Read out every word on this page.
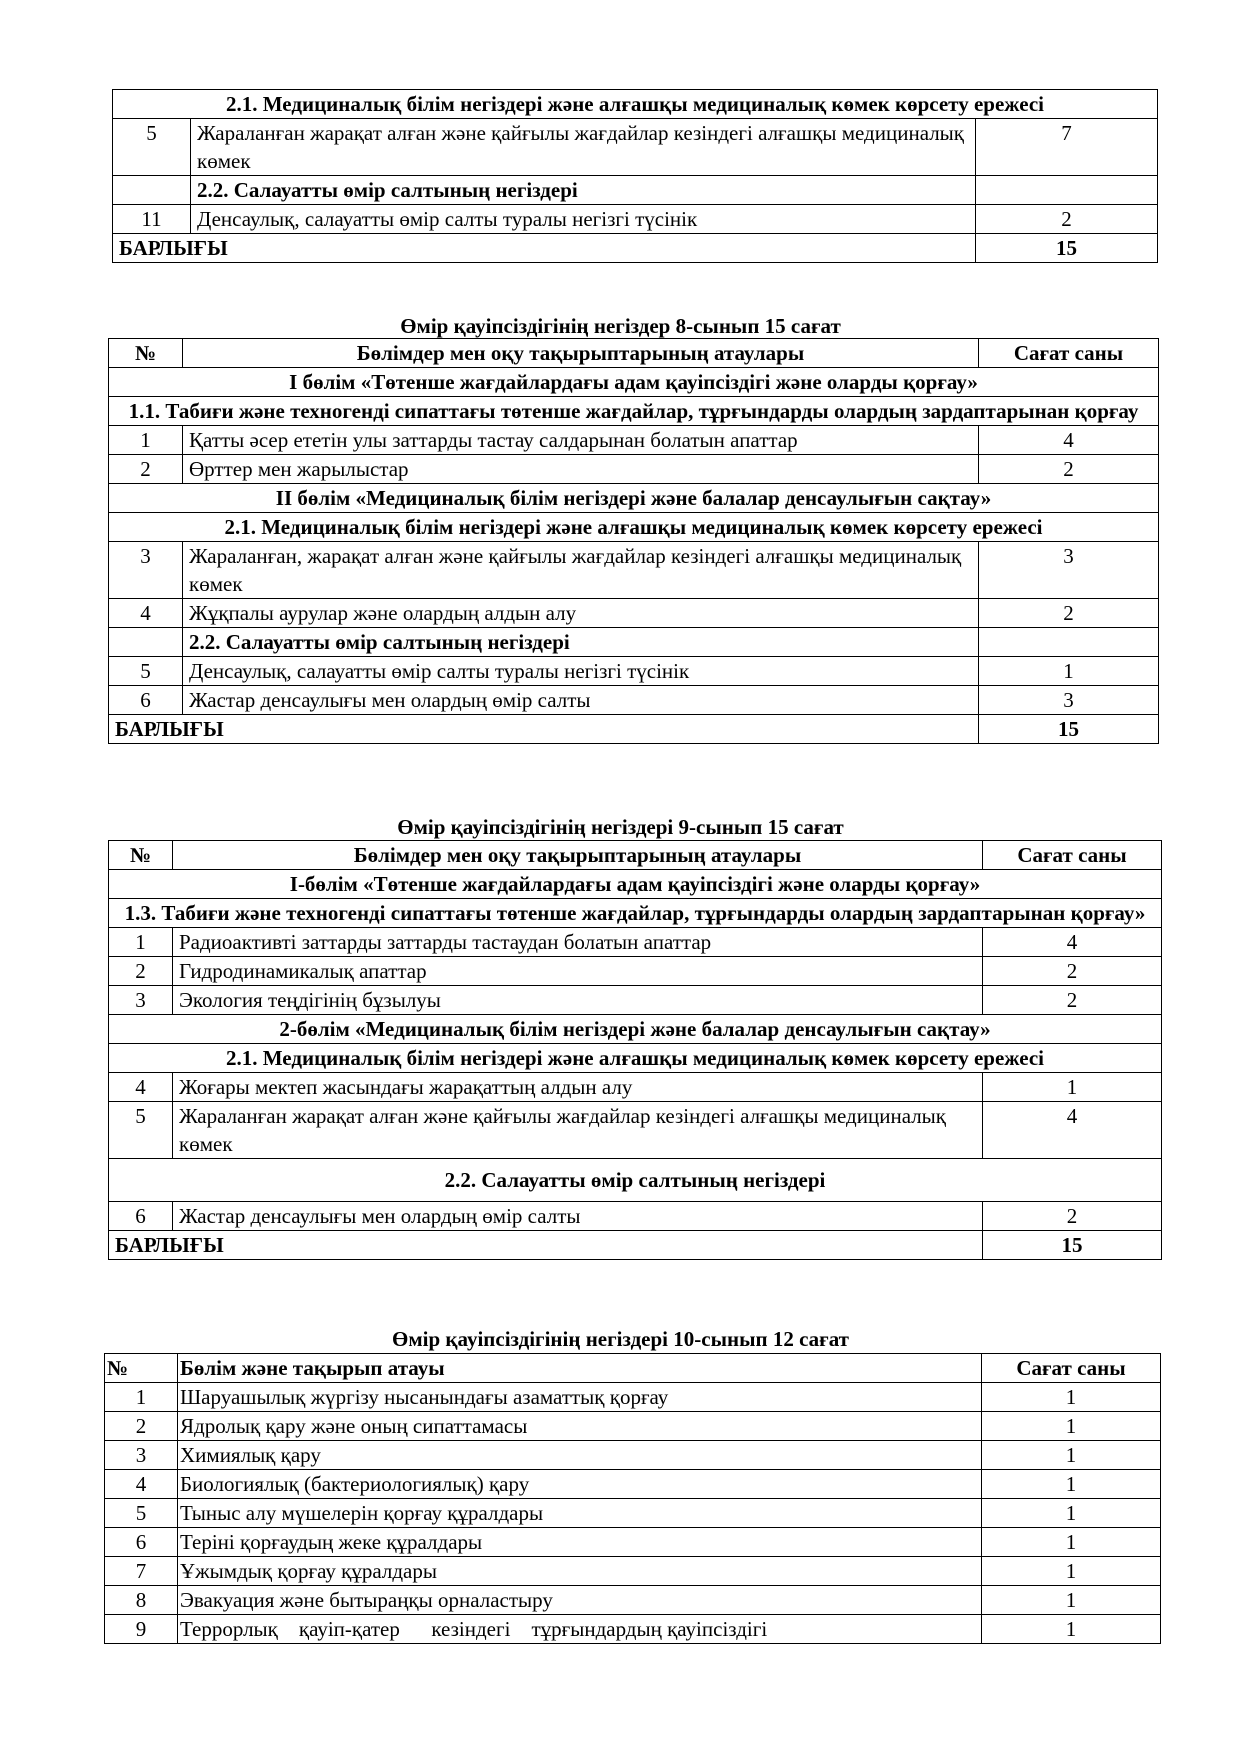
2.1. Медициналық білім негіздері және алғашқы медициналық көмек көрсету ережесі		
5	Жараланған жарақат алған және қайғылы жағдайлар кезіндегі алғашқы медициналық көмек	7
	2.2. Салауатты өмір салтының негіздері	
11	Денсаулық, салауатты өмір салты туралы негізгі түсінік	2
БАРЛЫҒЫ		15
Өмір қауіпсіздігінің негіздер 8-сынып 15 сағат
№	Бөлімдер мен оқу тақырыптарының атаулары	Сағат саны
І бөлім «Төтенше жағдайлардағы адам қауіпсіздігі және оларды қорғау»		
1.1. Табиғи және техногенді сипаттағы төтенше жағдайлар, тұрғындарды олардың зардаптарынан қорғау		
1	Қатты әсер ететін улы заттарды тастау салдарынан болатын апаттар	4
2	Өрттер мен жарылыстар	2
ІІ бөлім «Медициналық білім негіздері және балалар денсаулығын сақтау»		
2.1. Медициналық білім негіздері және алғашқы медициналық көмек көрсету ережесі		
3	Жараланған, жарақат алған және қайғылы жағдайлар кезіндегі алғашқы медициналық көмек	3
4	Жұқпалы аурулар және олардың алдын алу	2
	2.2. Салауатты өмір салтының негіздері	
5	Денсаулық, салауатты өмір салты туралы негізгі түсінік	1
6	Жастар денсаулығы мен олардың өмір салты	3
БАРЛЫҒЫ		15
Өмір қауіпсіздігінің негіздері 9-сынып 15 сағат
№	Бөлімдер мен оқу тақырыптарының атаулары	Сағат саны
І-бөлім «Төтенше жағдайлардағы адам қауіпсіздігі және оларды қорғау»		
1.3. Табиғи және техногенді сипаттағы төтенше жағдайлар, тұрғындарды олардың зардаптарынан қорғау»		
1	Радиоактивті заттарды заттарды тастаудан болатын апаттар	4
2	Гидродинамикалық апаттар	2
3	Экология теңдігінің бұзылуы	2
2-бөлім «Медициналық білім негіздері және балалар денсаулығын сақтау»		
2.1. Медициналық білім негіздері және алғашқы медициналық көмек көрсету ережесі		
4	Жоғары мектеп жасындағы жарақаттың алдын алу	1
5	Жараланған жарақат алған және қайғылы жағдайлар кезіндегі алғашқы медициналық көмек	4
2.2. Салауатты өмір салтының негіздері		
6	Жастар денсаулығы мен олардың өмір салты	2
БАРЛЫҒЫ		15
Өмір қауіпсіздігінің негіздері 10-сынып 12 сағат
№	Бөлім және тақырып атауы	Сағат саны
1	Шаруашылық жүргізу нысанындағы азаматтық қорғау	1
2	Ядролық қару және оның сипаттамасы	1
3	Химиялық қару	1
4	Биологиялық (бактериологиялық) қару	1
5	Тыныс алу мүшелерін қорғау құралдары	1
6	Теріні қорғаудың жеке құралдары	1
7	Ұжымдық қорғау құралдары	1
8	Эвакуация және бытыраңқы орналастыру	1
9	Террорлық    қауіп-қатер      кезіндегі    тұрғындардың қауіпсіздігі	1
